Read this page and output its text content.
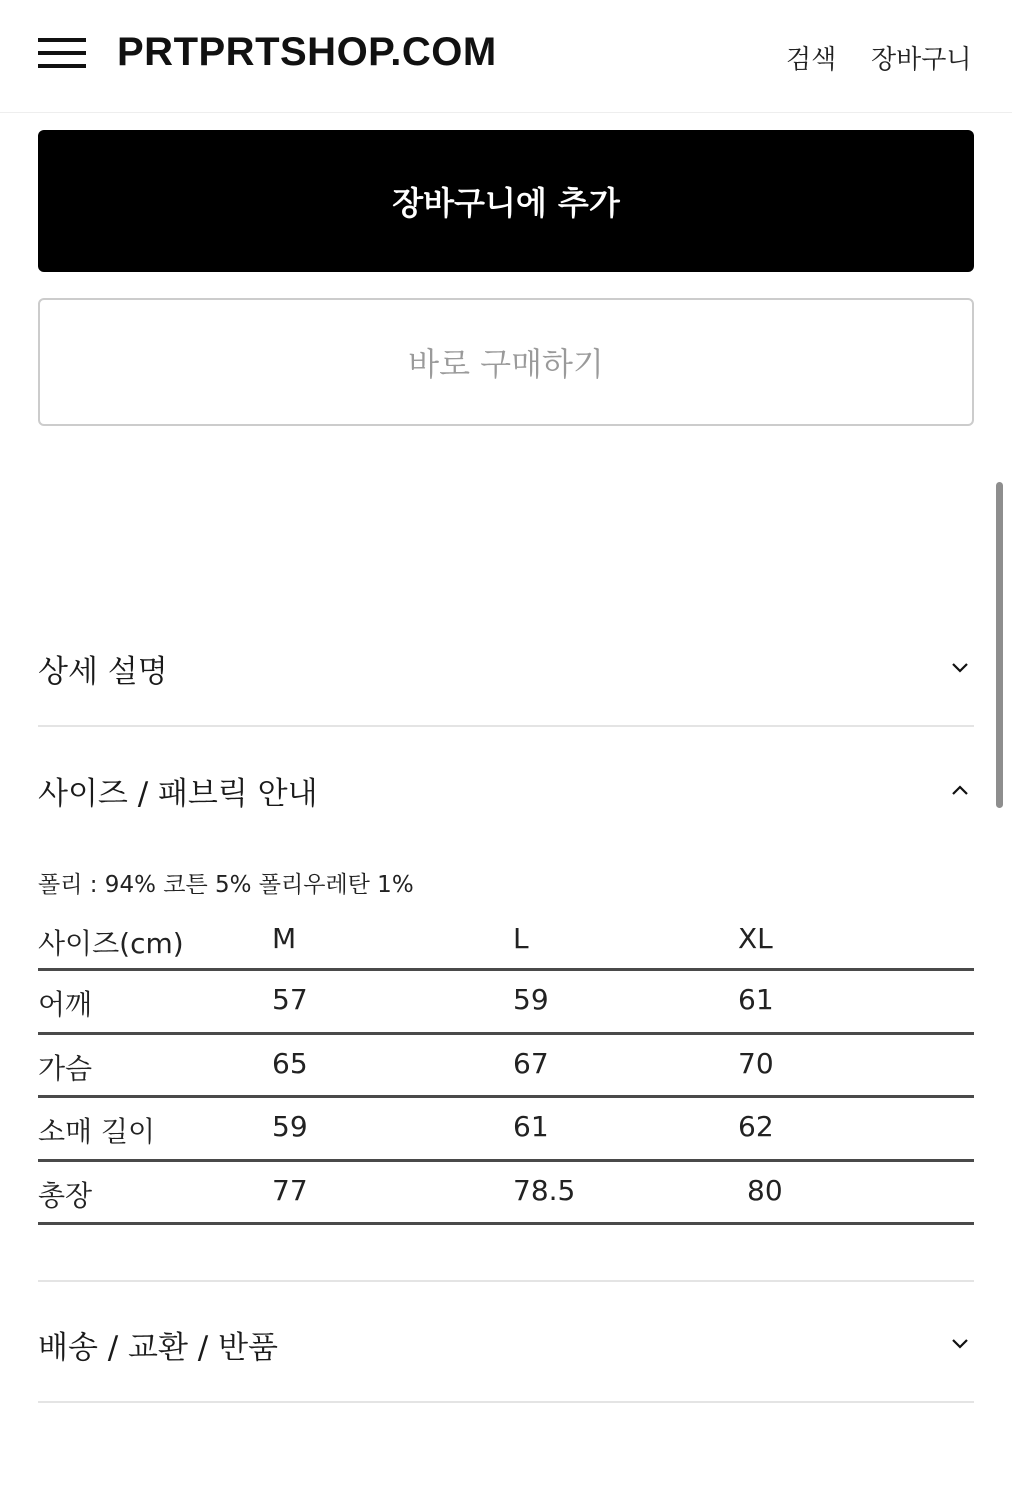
PRTPRTSHOP.COM	검색 장바구니
장바구니에 추가
바로 구매하기
상세 설명
사이즈 / 패브릭 안내
폴리 : 94% 코튼 5% 폴리우레탄 1%
사이즈(cm)	M	L	XL
어깨	57	59	61
가슴	65	67	70
소매 길이	59	61	62
총장	77	78.5	80
배송 / 교환 / 반품
